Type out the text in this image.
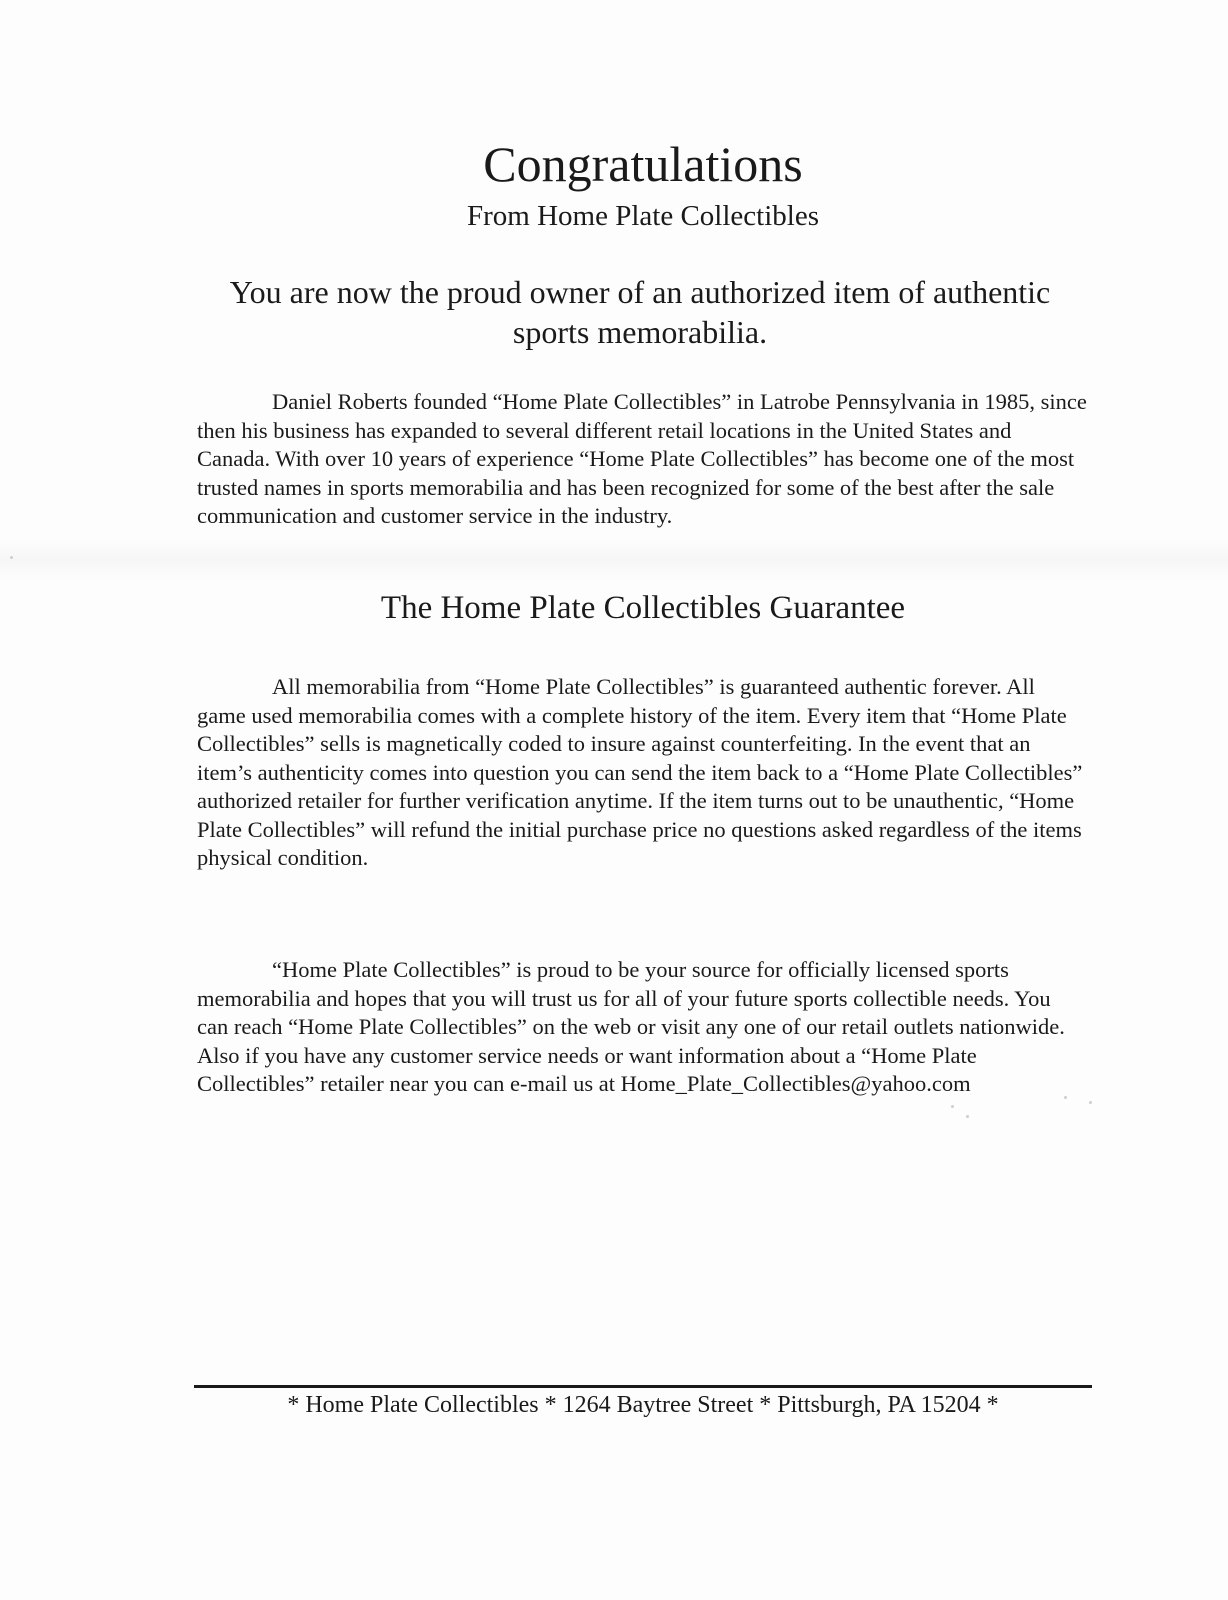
Congratulations

From Home Plate Collectibles

You are now the proud owner of an authorized item of authentic sports memorabilia.

Daniel Roberts founded “Home Plate Collectibles” in Latrobe Pennsylvania in 1985, since then his business has expanded to several different retail locations in the United States and Canada. With over 10 years of experience “Home Plate Collectibles” has become one of the most trusted names in sports memorabilia and has been recognized for some of the best after the sale communication and customer service in the industry.

The Home Plate Collectibles Guarantee

All memorabilia from “Home Plate Collectibles” is guaranteed authentic forever. All game used memorabilia comes with a complete history of the item. Every item that “Home Plate Collectibles” sells is magnetically coded to insure against counterfeiting. In the event that an item’s authenticity comes into question you can send the item back to a “Home Plate Collectibles” authorized retailer for further verification anytime. If the item turns out to be unauthentic, “Home Plate Collectibles” will refund the initial purchase price no questions asked regardless of the items physical condition.

“Home Plate Collectibles” is proud to be your source for officially licensed sports memorabilia and hopes that you will trust us for all of your future sports collectible needs. You can reach “Home Plate Collectibles” on the web or visit any one of our retail outlets nationwide. Also if you have any customer service needs or want information about a “Home Plate Collectibles” retailer near you can e-mail us at Home_Plate_Collectibles@yahoo.com

* Home Plate Collectibles * 1264 Baytree Street * Pittsburgh, PA 15204 *
